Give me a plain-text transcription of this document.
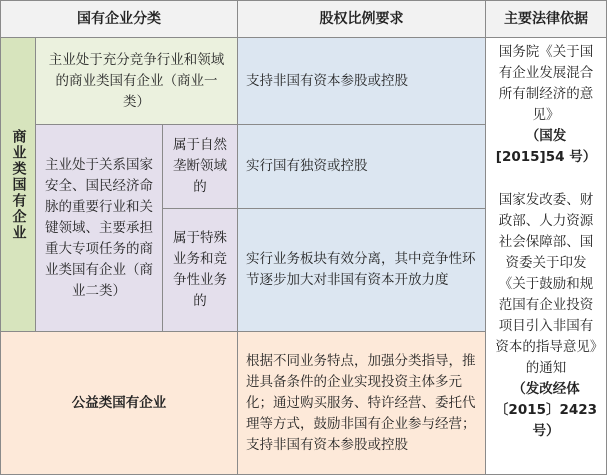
国有企业分类	股权比例要求	主要法律依据
商业类国有企业
主业处于充分竞争行业和领域的商业类国有企业（商业一类）
支持非国有资本参股或控股
主业处于关系国家安全、国民经济命脉的重要行业和关键领域、主要承担重大专项任务的商业类国有企业（商业二类）
属于自然垄断领域的
实行国有独资或控股
属于特殊业务和竞争性业务的
实行业务板块有效分离，其中竞争性环节逐步加大对非国有资本开放力度
公益类国有企业
根据不同业务特点，加强分类指导，推进具备条件的企业实现投资主体多元化；通过购买服务、特许经营、委托代理等方式，鼓励非国有企业参与经营；支持非国有资本参股或控股
国务院《关于国有企业发展混合所有制经济的意见》
（国发[2015]54 号）
国家发改委、财政部、人力资源社会保障部、国资委关于印发《关于鼓励和规范国有企业投资项目引入非国有资本的指导意见》的通知
（发改经体〔2015〕2423 号）
